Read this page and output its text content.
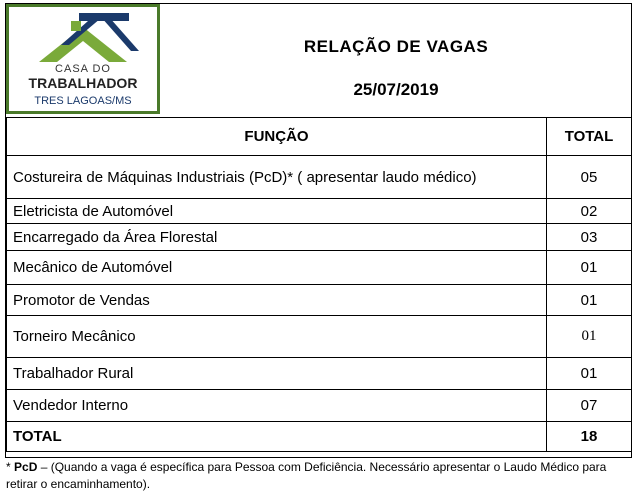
CASA DO
TRABALHADOR
TRES LAGOAS/MS
RELAÇÃO DE VAGAS
25/07/2019
FUNÇÃO	TOTAL
Costureira de Máquinas Industriais (PcD)* ( apresentar laudo médico)	05
Eletricista de Automóvel	02
Encarregado da Área Florestal	03
Mecânico de Automóvel	01
Promotor de Vendas	01
Torneiro Mecânico	01
Trabalhador Rural	01
Vendedor Interno	07
TOTAL	18
* PcD – (Quando a vaga é específica para Pessoa com Deficiência. Necessário apresentar o Laudo Médico para retirar o encaminhamento).
